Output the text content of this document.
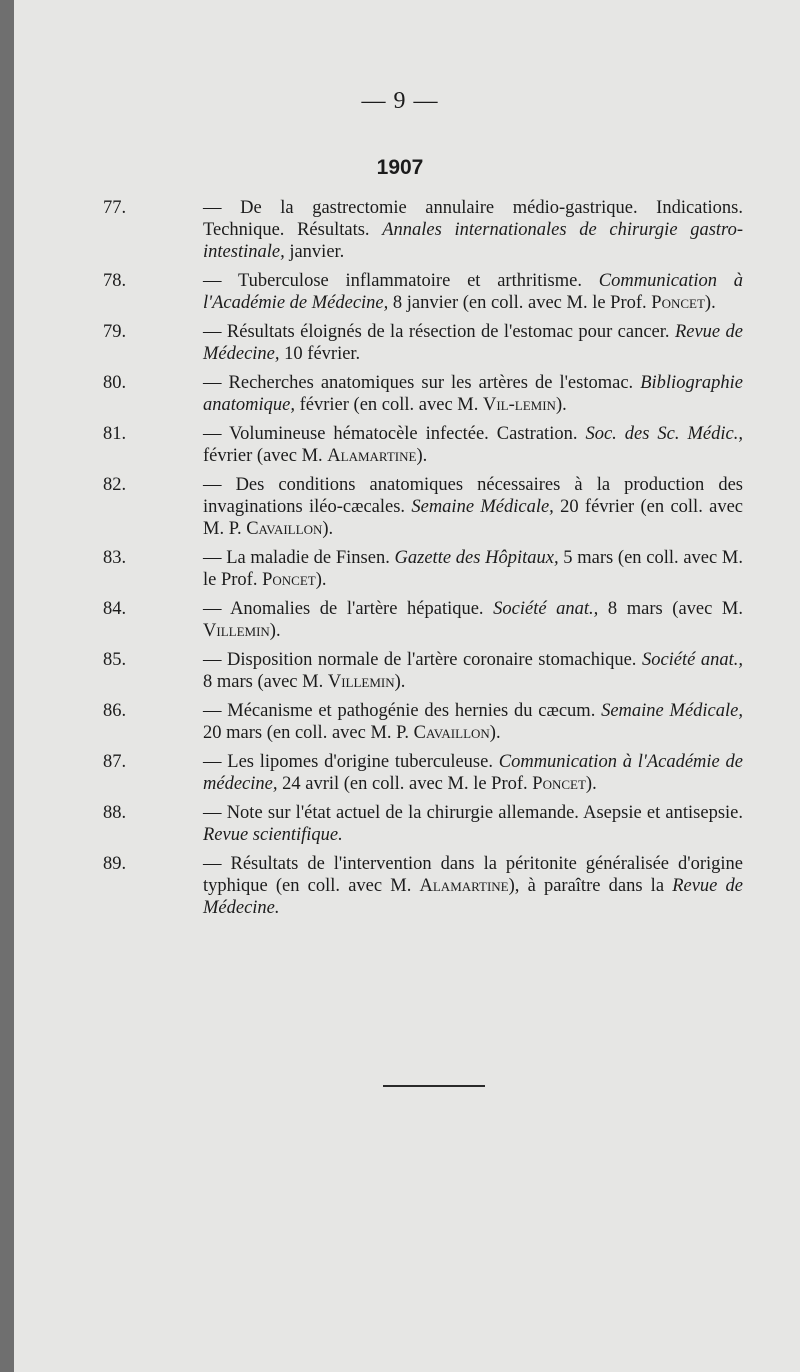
— 9 —
1907
77.	— De la gastrectomie annulaire médio-gastrique. Indications. Technique. Résultats. Annales internationales de chirurgie gastro-intestinale, janvier.
78.	— Tuberculose inflammatoire et arthritisme. Communication à l'Académie de Médecine, 8 janvier (en coll. avec M. le Prof. Poncet).
79.	— Résultats éloignés de la résection de l'estomac pour cancer. Revue de Médecine, 10 février.
80.	— Recherches anatomiques sur les artères de l'estomac. Bibliographie anatomique, février (en coll. avec M. Vil-lemin).
81.	— Volumineuse hématocèle infectée. Castration. Soc. des Sc. Médic., février (avec M. Alamartine).
82.	— Des conditions anatomiques nécessaires à la production des invaginations iléo-cæcales. Semaine Médicale, 20 février (en coll. avec M. P. Cavaillon).
83.	— La maladie de Finsen. Gazette des Hôpitaux, 5 mars (en coll. avec M. le Prof. Poncet).
84.	— Anomalies de l'artère hépatique. Société anat., 8 mars (avec M. Villemin).
85.	— Disposition normale de l'artère coronaire stomachique. Société anat., 8 mars (avec M. Villemin).
86.	— Mécanisme et pathogénie des hernies du cæcum. Semaine Médicale, 20 mars (en coll. avec M. P. Cavaillon).
87.	— Les lipomes d'origine tuberculeuse. Communication à l'Académie de médecine, 24 avril (en coll. avec M. le Prof. Poncet).
88.	— Note sur l'état actuel de la chirurgie allemande. Asepsie et antisepsie. Revue scientifique.
89.	— Résultats de l'intervention dans la péritonite généralisée d'origine typhique (en coll. avec M. Alamartine), à paraître dans la Revue de Médecine.
